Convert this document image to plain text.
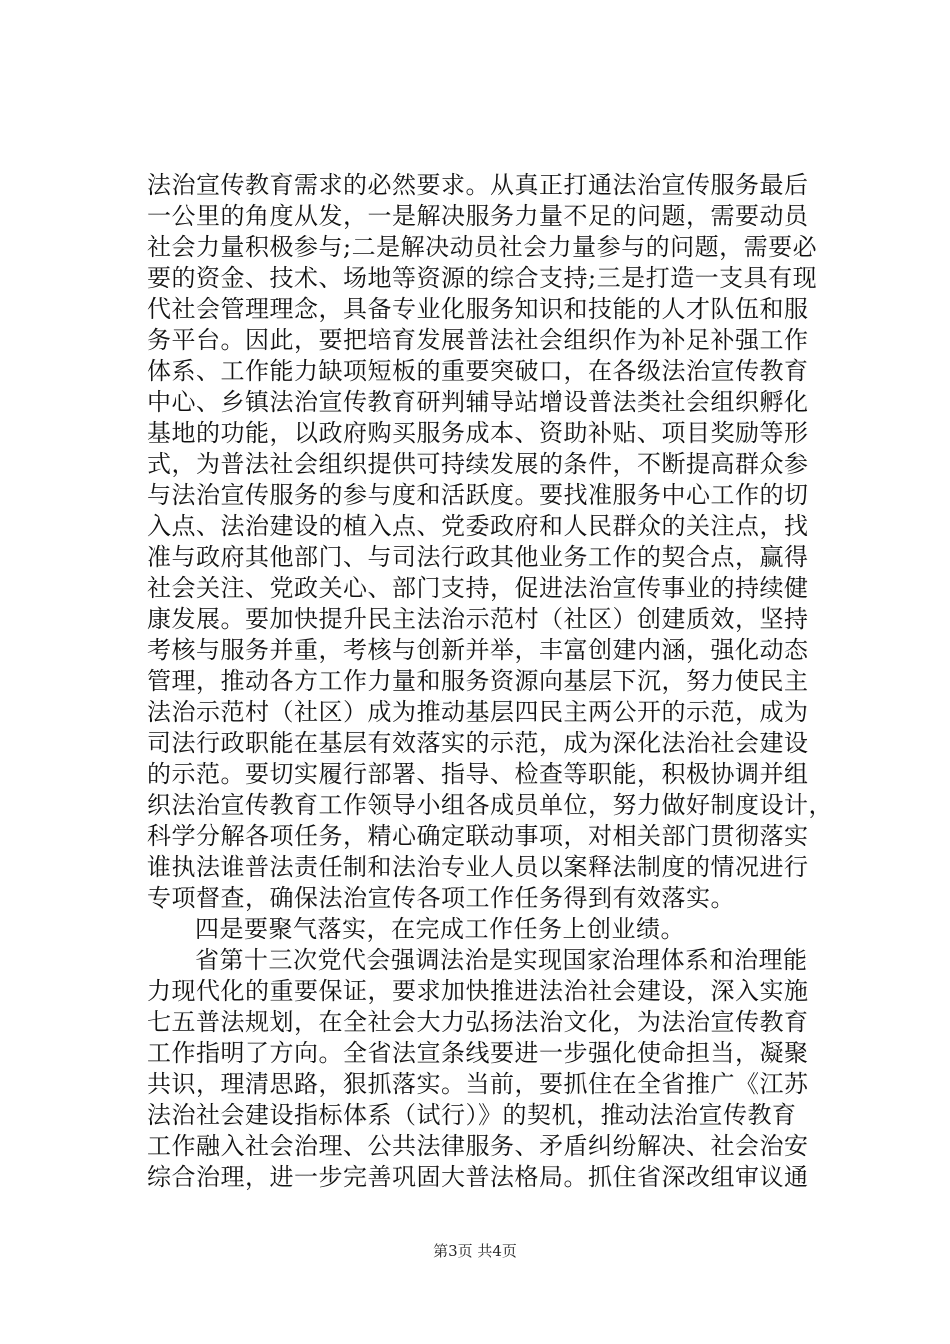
法治宣传教育需求的必然要求。从真正打通法治宣传服务最后
一公里的角度从发，一是解决服务力量不足的问题，需要动员
社会力量积极参与;二是解决动员社会力量参与的问题，需要必
要的资金、技术、场地等资源的综合支持;三是打造一支具有现
代社会管理理念，具备专业化服务知识和技能的人才队伍和服
务平台。因此，要把培育发展普法社会组织作为补足补强工作
体系、工作能力缺项短板的重要突破口，在各级法治宣传教育
中心、乡镇法治宣传教育研判辅导站增设普法类社会组织孵化
基地的功能，以政府购买服务成本、资助补贴、项目奖励等形
式，为普法社会组织提供可持续发展的条件，不断提高群众参
与法治宣传服务的参与度和活跃度。要找准服务中心工作的切
入点、法治建设的植入点、党委政府和人民群众的关注点，找
准与政府其他部门、与司法行政其他业务工作的契合点，赢得
社会关注、党政关心、部门支持，促进法治宣传事业的持续健
康发展。要加快提升民主法治示范村（社区）创建质效，坚持
考核与服务并重，考核与创新并举，丰富创建内涵，强化动态
管理，推动各方工作力量和服务资源向基层下沉，努力使民主
法治示范村（社区）成为推动基层四民主两公开的示范，成为
司法行政职能在基层有效落实的示范，成为深化法治社会建设
的示范。要切实履行部署、指导、检查等职能，积极协调并组
织法治宣传教育工作领导小组各成员单位，努力做好制度设计，
科学分解各项任务，精心确定联动事项，对相关部门贯彻落实
谁执法谁普法责任制和法治专业人员以案释法制度的情况进行
专项督查，确保法治宣传各项工作任务得到有效落实。
四是要聚气落实，在完成工作任务上创业绩。
省第十三次党代会强调法治是实现国家治理体系和治理能
力现代化的重要保证，要求加快推进法治社会建设，深入实施
七五普法规划，在全社会大力弘扬法治文化，为法治宣传教育
工作指明了方向。全省法宣条线要进一步强化使命担当，凝聚
共识，理清思路，狠抓落实。当前，要抓住在全省推广《江苏
法治社会建设指标体系（试行）》的契机，推动法治宣传教育
工作融入社会治理、公共法律服务、矛盾纠纷解决、社会治安
综合治理，进一步完善巩固大普法格局。抓住省深改组审议通
第3页 共4页
